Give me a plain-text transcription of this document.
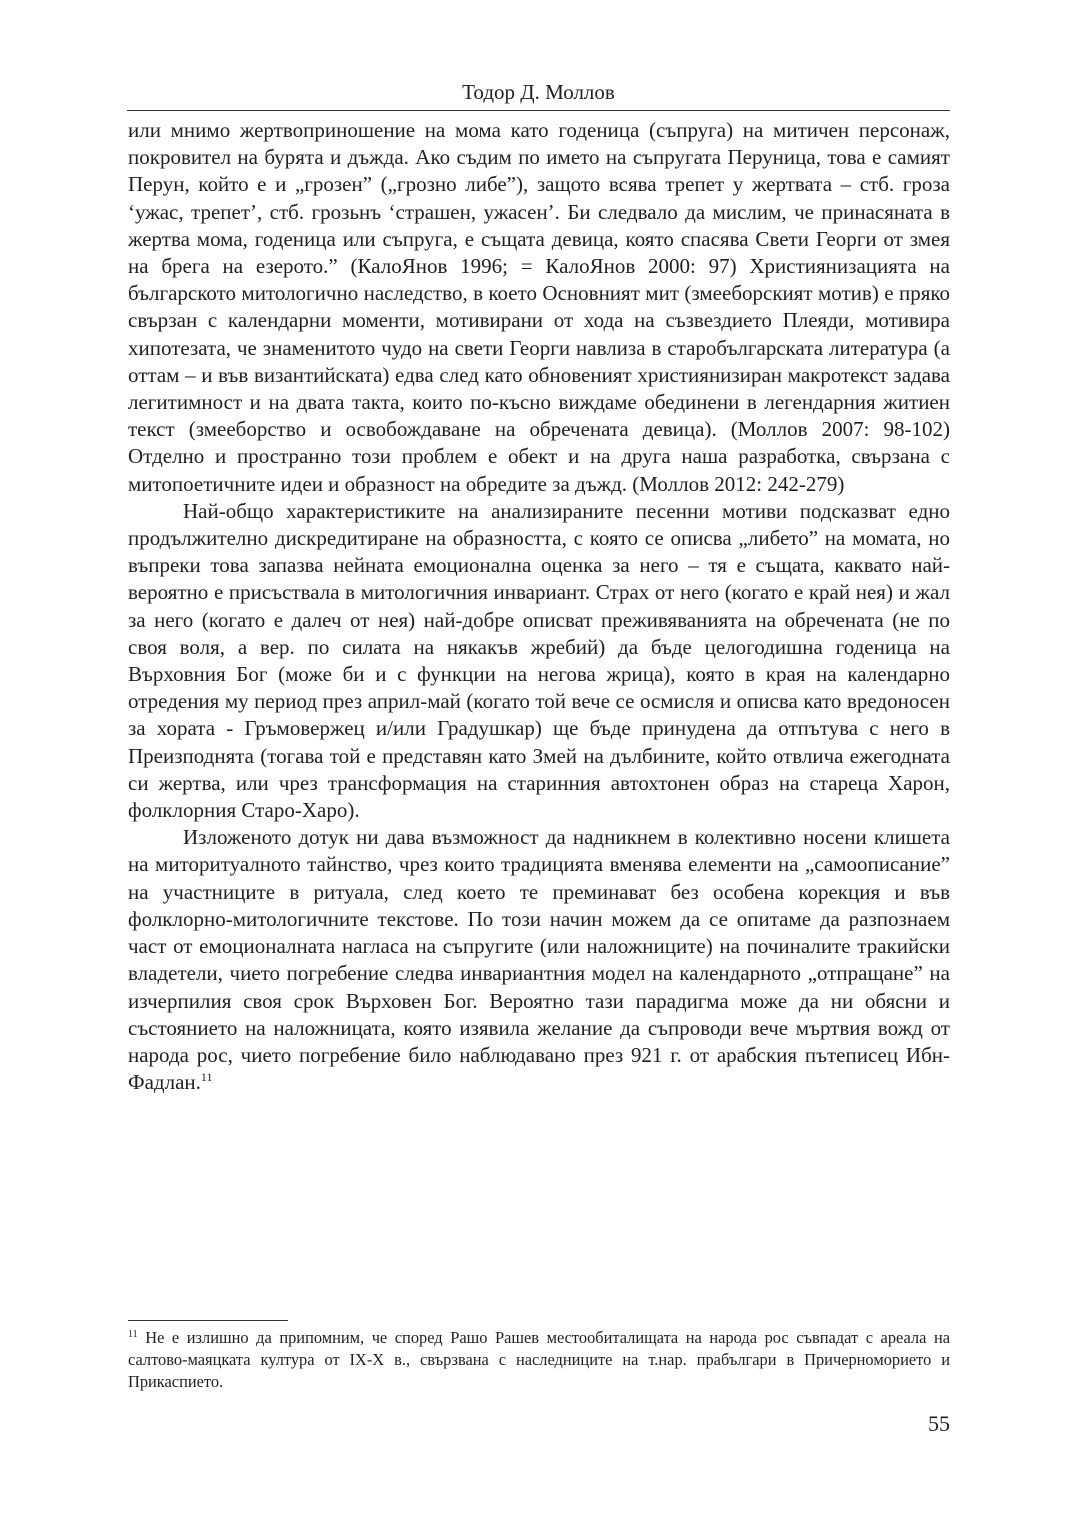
Тодор Д. Моллов

или мнимо жертвоприношение на мома като годеница (съпруга) на митичен персонаж, покровител на бурята и дъжда. Ако съдим по името на съпругата Перуница, това е самият Перун, който е и „грозен” („грозно либе”), защото всява трепет у жертвата – стб. гроза ‘ужас, трепет’, стб. грозьнъ ‘страшен, ужасен’. Би следвало да мислим, че принасяната в жертва мома, годеница или съпруга, е същата девица, която спасява Свети Георги от змея на брега на езерото.” (КалоЯнов 1996; = КалоЯнов 2000: 97) Християнизацията на българското митологично наследство, в което Основният мит (змееборският мотив) е пряко свързан с календарни моменти, мотивирани от хода на съзвездието Плеяди, мотивира хипотезата, че знаменитото чудо на свети Георги навлиза в старобългарската литература (а оттам – и във византийската) едва след като обновеният християнизиран макротекст задава легитимност и на двата такта, които по-късно виждаме обединени в легендарния житиен текст (змееборство и освобождаване на обречената девица). (Моллов 2007: 98-102) Отделно и пространно този проблем е обект и на друга наша разработка, свързана с митопоетичните идеи и образност на обредите за дъжд. (Моллов 2012: 242-279)

Най-общо характеристиките на анализираните песенни мотиви подсказват едно продължително дискредитиране на образността, с която се описва „либето” на момата, но въпреки това запазва нейната емоционална оценка за него – тя е същата, каквато най-вероятно е присъствала в митологичния инвариант. Страх от него (когато е край нея) и жал за него (когато е далеч от нея) най-добре описват преживяванията на обречената (не по своя воля, а вер. по силата на някакъв жребий) да бъде целогодишна годеница на Върховния Бог (може би и с функции на негова жрица), която в края на календарно отредения му период през април-май (когато той вече се осмисля и описва като вредоносен за хората - Гръмовержец и/или Градушкар) ще бъде принудена да отпътува с него в Преизподнята (тогава той е представян като Змей на дълбините, който отвлича ежегодната си жертва, или чрез трансформация на старинния автохтонен образ на стареца Харон, фолклорния Старо-Харо).

Изложеното дотук ни дава възможност да надникнем в колективно носени клишета на миторитуалното тайнство, чрез които традицията вменява елементи на „самоописание” на участниците в ритуала, след което те преминават без особена корекция и във фолклорно-митологичните текстове. По този начин можем да се опитаме да разпознаем част от емоционалната нагласа на съпругите (или наложниците) на починалите тракийски владетели, чието погребение следва инвариантния модел на календарното „отпращане” на изчерпилия своя срок Върховен Бог. Вероятно тази парадигма може да ни обясни и състоянието на наложницата, която изявила желание да съпроводи вече мъртвия вожд от народа рос, чието погребение било наблюдавано през 921 г. от арабския пътеписец Ибн-Фадлан.$^{11}$

$^{11}$ Не е излишно да припомним, че според Рашо Рашев местообиталищата на народа рос съвпадат с ареала на салтово-маяцката култура от IX-X в., свързвана с наследниците на т.нар. прабългари в Причерноморието и Прикаспието.

55
